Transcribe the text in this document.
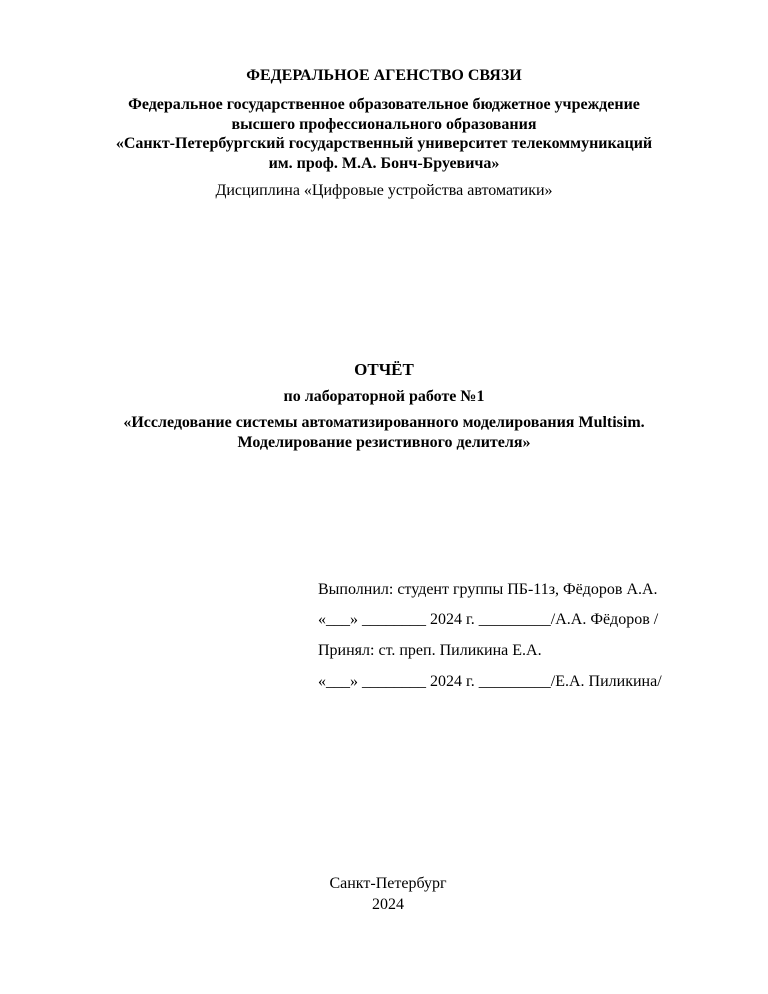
ФЕДЕРАЛЬНОЕ АГЕНСТВО СВЯЗИ
Федеральное государственное образовательное бюджетное учреждение
высшего профессионального образования
«Санкт-Петербургский государственный университет телекоммуникаций
им. проф. М.А. Бонч-Бруевича»
Дисциплина «Цифровые устройства автоматики»
ОТЧЁТ
по лабораторной работе №1
«Исследование системы автоматизированного моделирования Multisim.
Моделирование резистивного делителя»
Выполнил: студент группы ПБ-11з, Фёдоров А.А.
«___» ________ 2024 г. _________/А.А. Фёдоров /
Принял: ст. преп. Пиликина Е.А.
«___» ________ 2024 г. _________/Е.А. Пиликина/
Санкт-Петербург
2024
